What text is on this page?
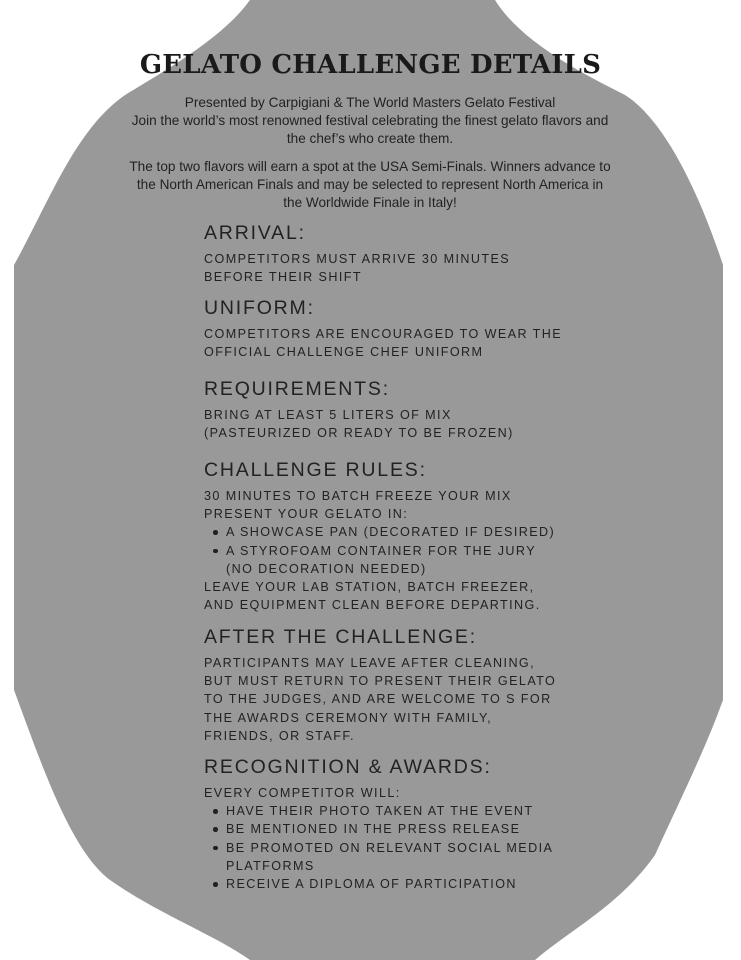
GELATO CHALLENGE DETAILS

Presented by Carpigiani & The World Masters Gelato Festival

Join the world’s most renowned festival celebrating the finest gelato flavors and

the chef’s who create them.

The top two flavors will earn a spot at the USA Semi-Finals. Winners advance to

the North American Finals and may be selected to represent North America in

the Worldwide Finale in Italy!

ARRIVAL:
COMPETITORS MUST ARRIVE 30 MINUTES
BEFORE THEIR SHIFT
UNIFORM:
COMPETITORS ARE ENCOURAGED TO WEAR THE
OFFICIAL CHALLENGE CHEF UNIFORM
REQUIREMENTS:
BRING AT LEAST 5 LITERS OF MIX
(PASTEURIZED OR READY TO BE FROZEN)
CHALLENGE RULES:
30 MINUTES TO BATCH FREEZE YOUR MIX
PRESENT YOUR GELATO IN:
A SHOWCASE PAN (DECORATED IF DESIRED)
A STYROFOAM CONTAINER FOR THE JURY
(NO DECORATION NEEDED)
LEAVE YOUR LAB STATION, BATCH FREEZER,
AND EQUIPMENT CLEAN BEFORE DEPARTING.
AFTER THE CHALLENGE:
PARTICIPANTS MAY LEAVE AFTER CLEANING,
BUT MUST RETURN TO PRESENT THEIR GELATO
TO THE JUDGES, AND ARE WELCOME TO S FOR
THE AWARDS CEREMONY WITH FAMILY,
FRIENDS, OR STAFF.
RECOGNITION & AWARDS:
EVERY COMPETITOR WILL:
HAVE THEIR PHOTO TAKEN AT THE EVENT
BE MENTIONED IN THE PRESS RELEASE
BE PROMOTED ON RELEVANT SOCIAL MEDIA
PLATFORMS
RECEIVE A DIPLOMA OF PARTICIPATION
